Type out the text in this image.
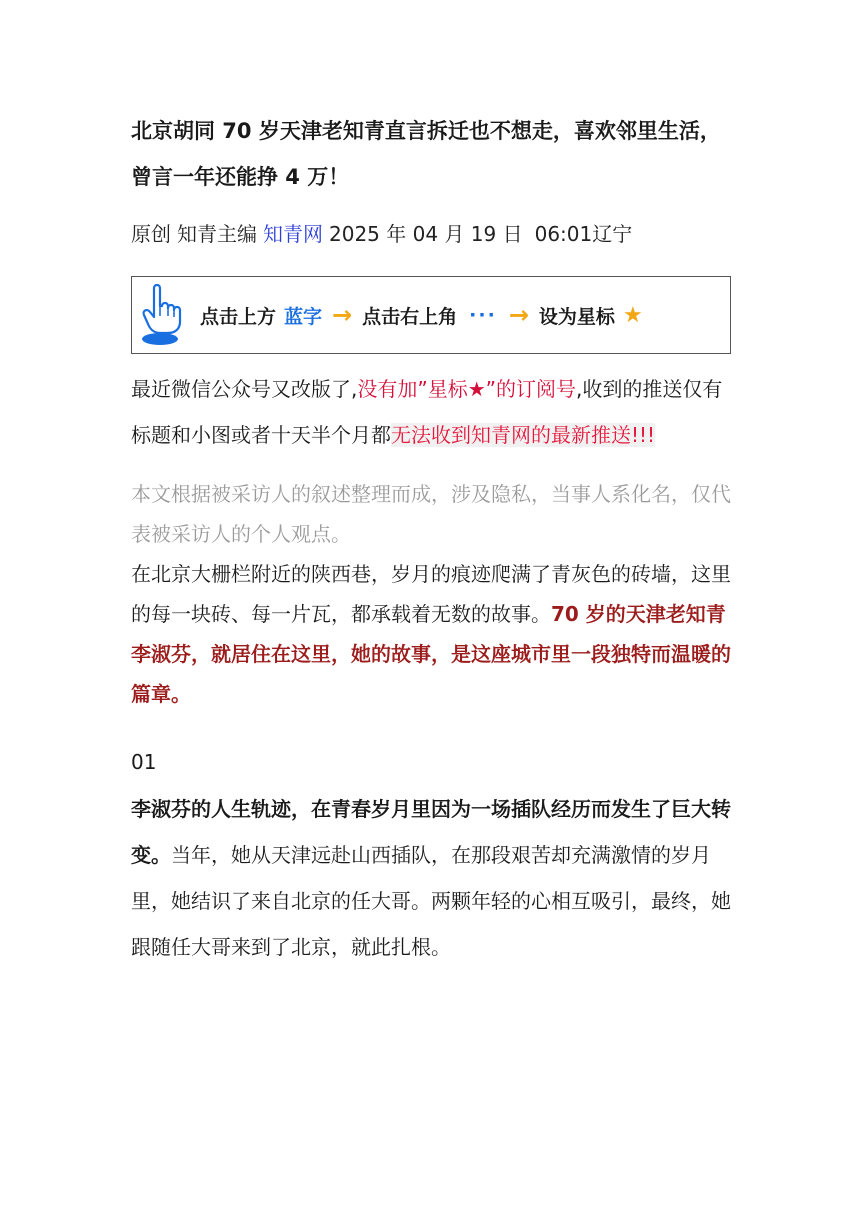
北京胡同 70 岁天津老知青直言拆迁也不想走，喜欢邻里生活，曾言一年还能挣 4 万！
原创 知青主编 知青网 2025 年 04 月 19 日 06:01辽宁
点击上方 蓝字 → 点击右上角 ··· → 设为星标 ★
最近微信公众号又改版了,没有加”星标★”的订阅号,收到的推送仅有标题和小图或者十天半个月都无法收到知青网的最新推送!!!
本文根据被采访人的叙述整理而成，涉及隐私，当事人系化名，仅代表被采访人的个人观点。
在北京大栅栏附近的陕西巷，岁月的痕迹爬满了青灰色的砖墙，这里的每一块砖、每一片瓦，都承载着无数的故事。70 岁的天津老知青李淑芬，就居住在这里，她的故事，是这座城市里一段独特而温暖的篇章。
01
李淑芬的人生轨迹，在青春岁月里因为一场插队经历而发生了巨大转变。当年，她从天津远赴山西插队，在那段艰苦却充满激情的岁月里，她结识了来自北京的任大哥。两颗年轻的心相互吸引，最终，她跟随任大哥来到了北京，就此扎根。
